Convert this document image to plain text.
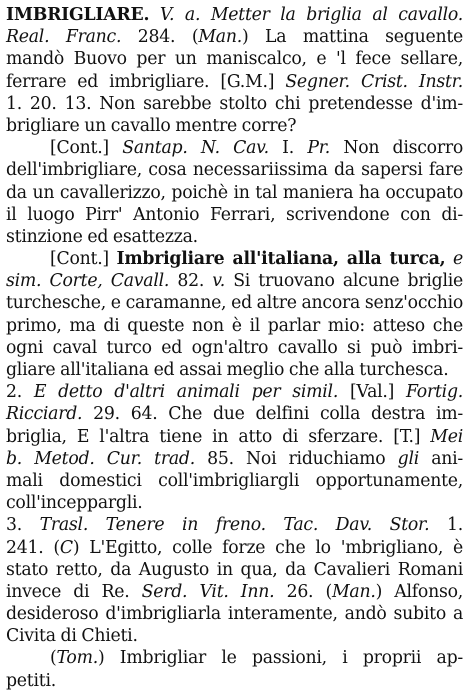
IMBRIGLIARE. V. a. Metter la briglia al cavallo.
Real. Franc. 284. (Man.) La mattina seguente
mandò Buovo per un maniscalco, e 'l fece sellare,
ferrare ed imbrigliare. [G.M.] Segner. Crist. Instr.
1. 20. 13. Non sarebbe stolto chi pretendesse d'im-
brigliare un cavallo mentre corre?
[Cont.] Santap. N. Cav. I. Pr. Non discorro
dell'imbrigliare, cosa necessariissima da sapersi fare
da un cavallerizzo, poichè in tal maniera ha occupato
il luogo Pirr' Antonio Ferrari, scrivendone con di-
stinzione ed esattezza.
[Cont.] Imbrigliare all'italiana, alla turca, e
sim. Corte, Cavall. 82. v. Si truovano alcune briglie
turchesche, e caramanne, ed altre ancora senz'occhio
primo, ma di queste non è il parlar mio: atteso che
ogni caval turco ed ogn'altro cavallo si può imbri-
gliare all'italiana ed assai meglio che alla turchesca.
2. E detto d'altri animali per simil. [Val.] Fortig.
Ricciard. 29. 64. Che due delfini colla destra im-
briglia, E l'altra tiene in atto di sferzare. [T.] Mei
b. Metod. Cur. trad. 85. Noi riduchiamo gli ani-
mali domestici coll'imbrigliargli opportunamente,
coll'inceppargli.
3. Trasl. Tenere in freno. Tac. Dav. Stor. 1.
241. (C) L'Egitto, colle forze che lo 'mbrigliano, è
stato retto, da Augusto in qua, da Cavalieri Romani
invece di Re. Serd. Vit. Inn. 26. (Man.) Alfonso,
desideroso d'imbrigliarla interamente, andò subito a
Civita di Chieti.
(Tom.) Imbrigliar le passioni, i proprii ap-
petiti.
